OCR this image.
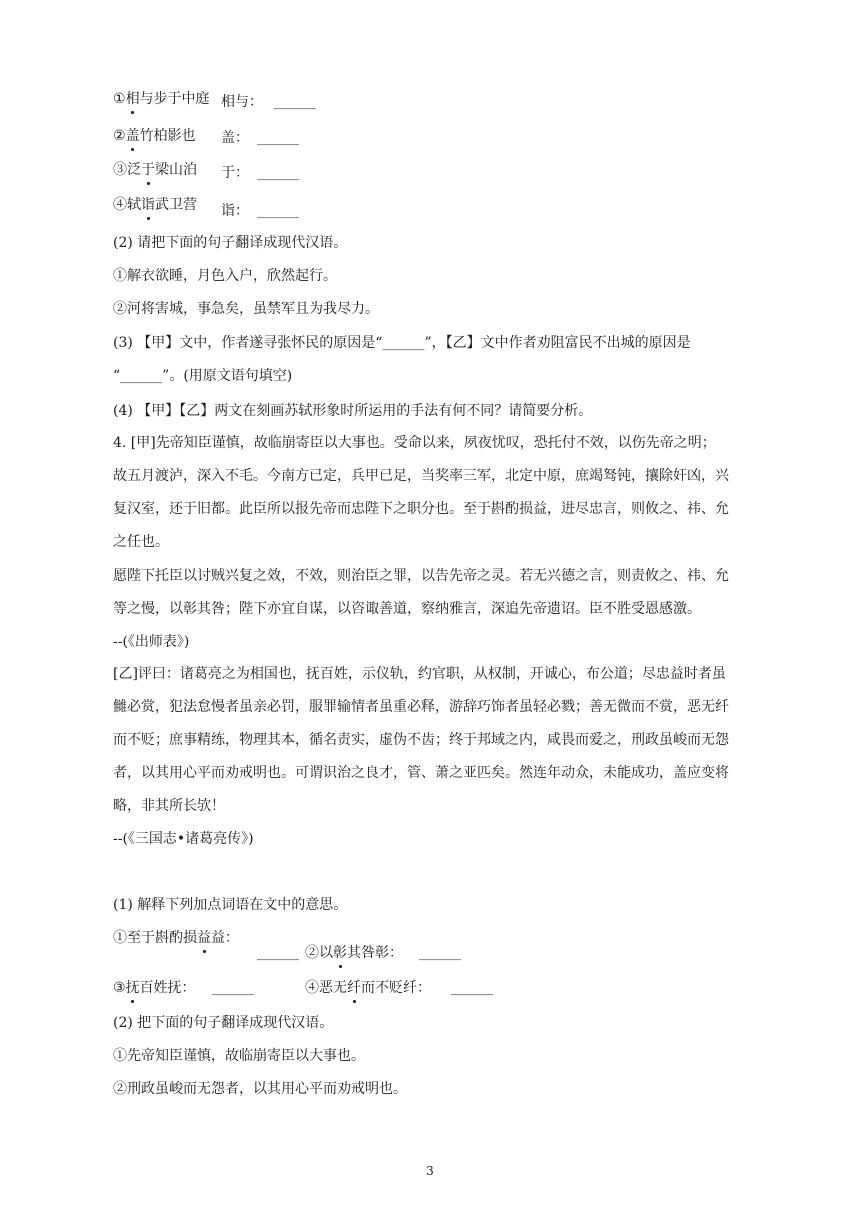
①相与步于中庭 相与： ______
②盖竹柏影也 盖： ______
③泛于梁山泊 于： ______
④轼诣武卫营 诣： ______
(2) 请把下面的句子翻译成现代汉语。
①解衣欲睡，月色入户，欣然起行。
②河将害城，事急矣，虽禁军且为我尽力。
(3) 【甲】文中，作者遂寻张怀民的原因是“______”，【乙】文中作者劝阻富民不出城的原因是
“______”。(用原文语句填空)
(4) 【甲】【乙】两文在刻画苏轼形象时所运用的手法有何不同？请简要分析。
4. [甲]先帝知臣谨慎，故临崩寄臣以大事也。受命以来，夙夜忧叹，恐托付不效，以伤先帝之明；
故五月渡泸，深入不毛。今南方已定，兵甲已足，当奖率三军，北定中原，庶竭驽钝，攘除奸凶，兴
复汉室，还于旧都。此臣所以报先帝而忠陛下之职分也。至于斟酌损益，进尽忠言，则攸之、祎、允
之任也。
愿陛下托臣以讨贼兴复之效，不效，则治臣之罪，以告先帝之灵。若无兴德之言，则责攸之、祎、允
等之慢，以彰其咎；陛下亦宜自谋，以咨诹善道，察纳雅言，深追先帝遗诏。臣不胜受恩感激。
--(《出师表》)
[乙]评曰：诸葛亮之为相国也，抚百姓，示仪轨，约官职，从权制，开诚心，布公道；尽忠益时者虽
雠必赏，犯法怠慢者虽亲必罚，服罪输情者虽重必释，游辞巧饰者虽轻必戮；善无微而不赏，恶无纤
而不贬；庶事精练，物理其本，循名责实，虚伪不齿；终于邦域之内，咸畏而爱之，刑政虽峻而无怨
者，以其用心平而劝戒明也。可谓识治之良才，管、萧之亚匹矣。然连年动众，未能成功，盖应变将
略，非其所长欤！
--(《三国志•诸葛亮传》)
(1) 解释下列加点词语在文中的意思。
①至于斟酌损益益：
______ ②以彰其咎彰： ______
③抚百姓抚： ______	④恶无纤而不贬纤： ______
(2) 把下面的句子翻译成现代汉语。
①先帝知臣谨慎，故临崩寄臣以大事也。
②刑政虽峻而无怨者，以其用心平而劝戒明也。
3
